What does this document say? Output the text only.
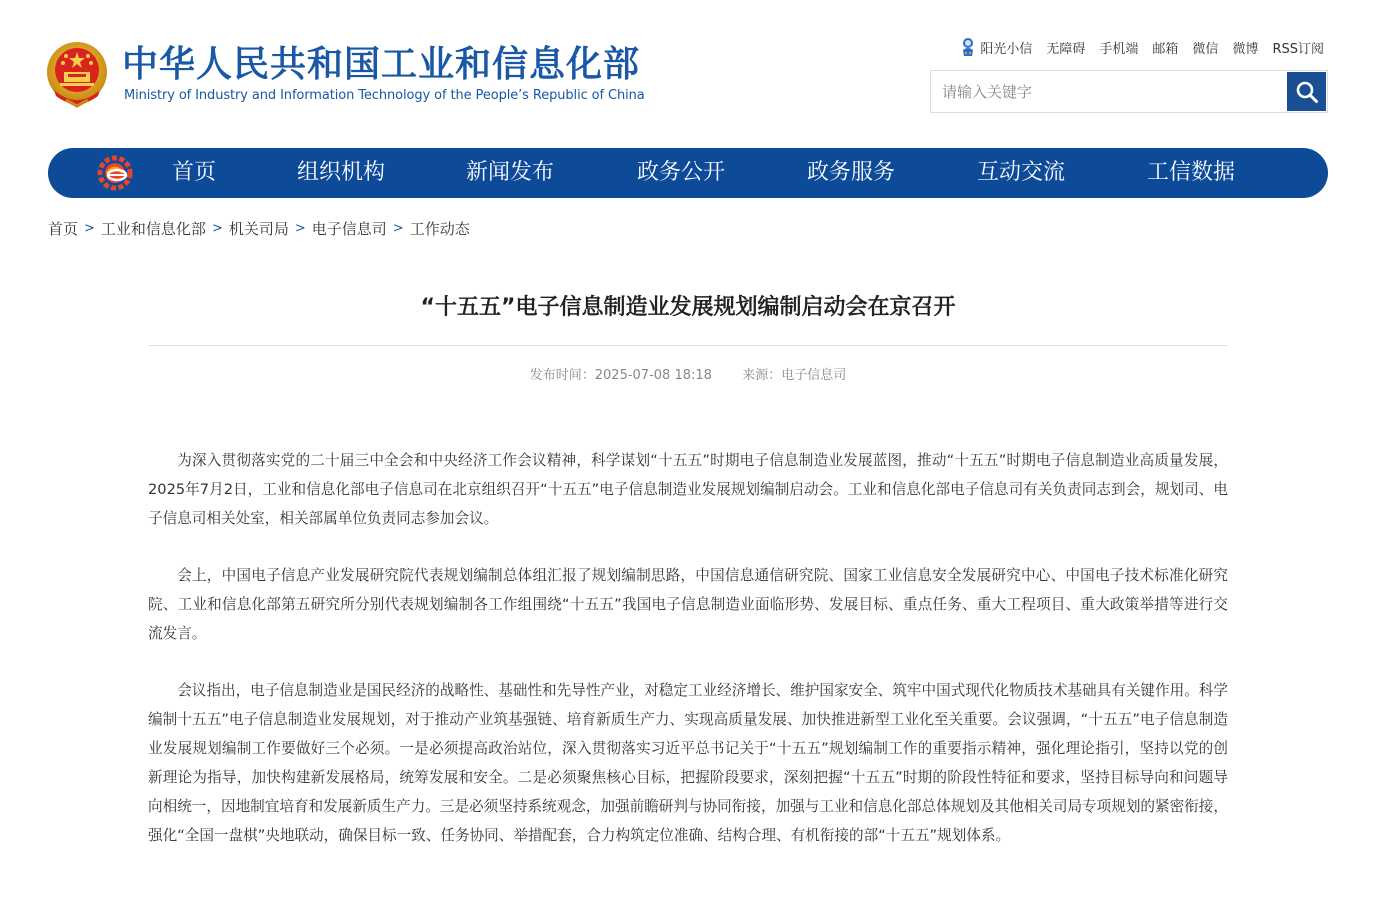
中华人民共和国工业和信息化部
Ministry of Industry and Information Technology of the People’s Republic of China
阳光小信 无障碍 手机端 邮箱 微信 微博 RSS订阅
请输入关键字
首页	组织机构	新闻发布	政务公开	政务服务	互动交流	工信数据
首页 > 工业和信息化部 > 机关司局 > 电子信息司 > 工作动态
“十五五”电子信息制造业发展规划编制启动会在京召开
发布时间：2025-07-08 18:18 来源：电子信息司

为深入贯彻落实党的二十届三中全会和中央经济工作会议精神，科学谋划“十五五”时期电子信息制造业发展蓝图，推动“十五五”时期电子信息制造业高质量发展，2025年7月2日，工业和信息化部电子信息司在北京组织召开“十五五”电子信息制造业发展规划编制启动会。工业和信息化部电子信息司有关负责同志到会，规划司、电子信息司相关处室，相关部属单位负责同志参加会议。

会上，中国电子信息产业发展研究院代表规划编制总体组汇报了规划编制思路，中国信息通信研究院、国家工业信息安全发展研究中心、中国电子技术标准化研究院、工业和信息化部第五研究所分别代表规划编制各工作组围绕“十五五”我国电子信息制造业面临形势、发展目标、重点任务、重大工程项目、重大政策举措等进行交流发言。

会议指出，电子信息制造业是国民经济的战略性、基础性和先导性产业，对稳定工业经济增长、维护国家安全、筑牢中国式现代化物质技术基础具有关键作用。科学编制十五五”电子信息制造业发展规划，对于推动产业筑基强链、培育新质生产力、实现高质量发展、加快推进新型工业化至关重要。会议强调，“十五五”电子信息制造业发展规划编制工作要做好三个必须。一是必须提高政治站位，深入贯彻落实习近平总书记关于“十五五”规划编制工作的重要指示精神，强化理论指引，坚持以党的创新理论为指导，加快构建新发展格局，统筹发展和安全。二是必须聚焦核心目标，把握阶段要求，深刻把握“十五五”时期的阶段性特征和要求，坚持目标导向和问题导向相统一，因地制宜培育和发展新质生产力。三是必须坚持系统观念，加强前瞻研判与协同衔接，加强与工业和信息化部总体规划及其他相关司局专项规划的紧密衔接，强化“全国一盘棋”央地联动，确保目标一致、任务协同、举措配套，合力构筑定位准确、结构合理、有机衔接的部“十五五”规划体系。
